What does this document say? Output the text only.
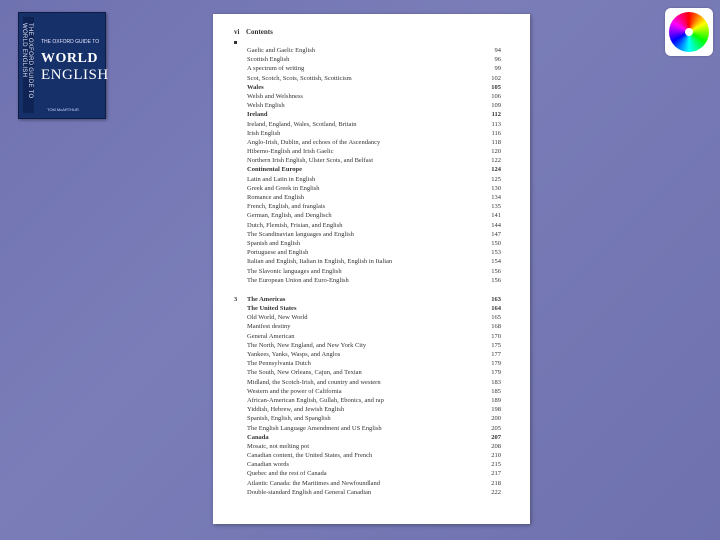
THE OXFORD GUIDE TO WORLD ENGLISH	THE OXFORD GUIDE TO
WORLD
ENGLISH
TOM McARTHUR
vi Contents
Gaelic and Gaelic English	94
Scottish English	96
A spectrum of writing	99
Scot, Scotch, Scots, Scottish, Scotticism	102
Wales	105
Welsh and Welshness	106
Welsh English	109
Ireland	112
Ireland, England, Wales, Scotland, Britain	113
Irish English	116
Anglo-Irish, Dublin, and echoes of the Ascendancy	118
Hiberno-English and Irish Gaelic	120
Northern Irish English, Ulster Scots, and Belfast	122
Continental Europe	124
Latin and Latin in English	125
Greek and Greek in English	130
Romance and English	134
French, English, and franglais	135
German, English, and Denglisch	141
Dutch, Flemish, Frisian, and English	144
The Scandinavian languages and English	147
Spanish and English	150
Portuguese and English	153
Italian and English, Italian in English, English in Italian	154
The Slavonic languages and English	156
The European Union and Euro-English	156
3 The Americas	163
The United States	164
Old World, New World	165
Manifest destiny	168
General American	170
The North, New England, and New York City	175
Yankees, Yanks, Wasps, and Anglos	177
The Pennsylvania Dutch	179
The South, New Orleans, Cajun, and Texian	179
Midland, the Scotch-Irish, and country and western	183
Western and the power of California	185
African-American English, Gullah, Ebonics, and rap	189
Yiddish, Hebrew, and Jewish English	198
Spanish, English, and Spanglish	200
The English Language Amendment and US English	205
Canada	207
Mosaic, not melting pot	208
Canadian content, the United States, and French	210
Canadian words	215
Quebec and the rest of Canada	217
Atlantic Canada: the Maritimes and Newfoundland	218
Double-standard English and General Canadian	222
